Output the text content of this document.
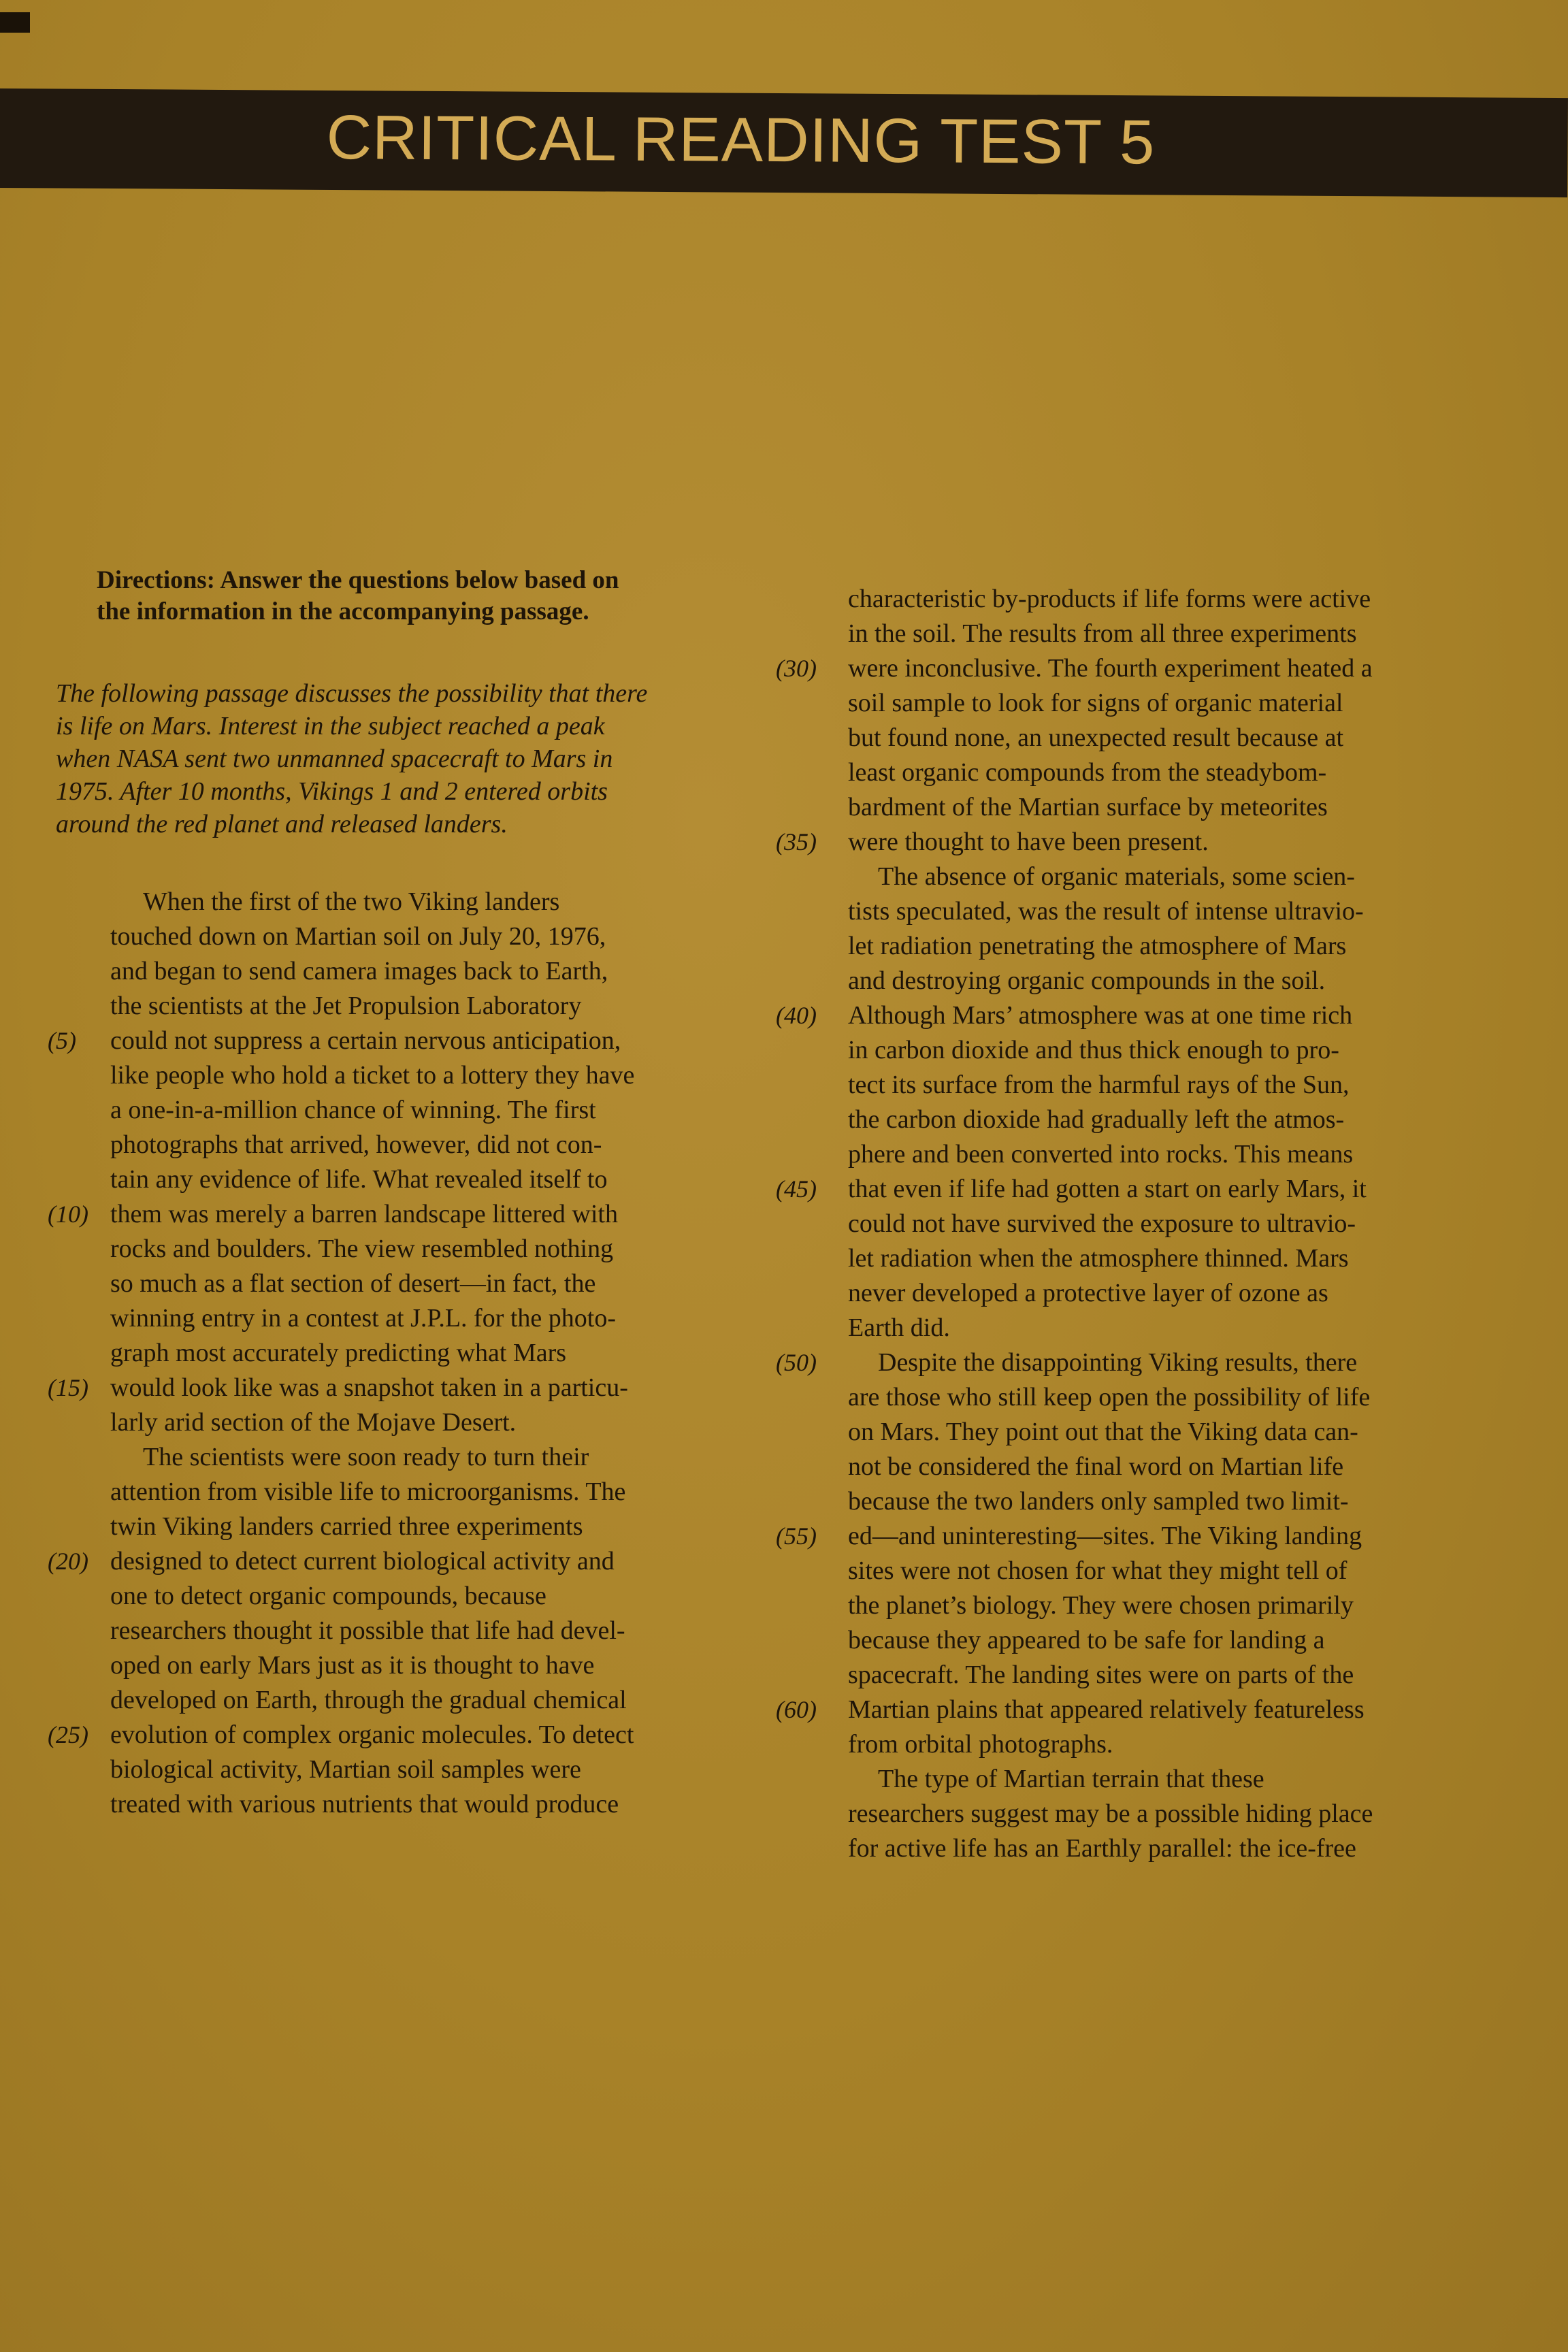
CRITICAL READING TEST 5
Directions: Answer the questions below based on
the information in the accompanying passage.
The following passage discusses the possibility that there
is life on Mars. Interest in the subject reached a peak
when NASA sent two unmanned spacecraft to Mars in
1975. After 10 months, Vikings 1 and 2 entered orbits
around the red planet and released landers.
When the first of the two Viking landers
touched down on Martian soil on July 20, 1976,
and began to send camera images back to Earth,
the scientists at the Jet Propulsion Laboratory
(5) could not suppress a certain nervous anticipation,
like people who hold a ticket to a lottery they have
a one-in-a-million chance of winning. The first
photographs that arrived, however, did not con-
tain any evidence of life. What revealed itself to
(10) them was merely a barren landscape littered with
rocks and boulders. The view resembled nothing
so much as a flat section of desert—in fact, the
winning entry in a contest at J.P.L. for the photo-
graph most accurately predicting what Mars
(15) would look like was a snapshot taken in a particu-
larly arid section of the Mojave Desert.
The scientists were soon ready to turn their
attention from visible life to microorganisms. The
twin Viking landers carried three experiments
(20) designed to detect current biological activity and
one to detect organic compounds, because
researchers thought it possible that life had devel-
oped on early Mars just as it is thought to have
developed on Earth, through the gradual chemical
(25) evolution of complex organic molecules. To detect
biological activity, Martian soil samples were
treated with various nutrients that would produce
characteristic by-products if life forms were active
in the soil. The results from all three experiments
(30) were inconclusive. The fourth experiment heated a
soil sample to look for signs of organic material
but found none, an unexpected result because at
least organic compounds from the steadybom-
bardment of the Martian surface by meteorites
(35) were thought to have been present.
The absence of organic materials, some scien-
tists speculated, was the result of intense ultravio-
let radiation penetrating the atmosphere of Mars
and destroying organic compounds in the soil.
(40) Although Mars’ atmosphere was at one time rich
in carbon dioxide and thus thick enough to pro-
tect its surface from the harmful rays of the Sun,
the carbon dioxide had gradually left the atmos-
phere and been converted into rocks. This means
(45) that even if life had gotten a start on early Mars, it
could not have survived the exposure to ultravio-
let radiation when the atmosphere thinned. Mars
never developed a protective layer of ozone as
Earth did.
(50) Despite the disappointing Viking results, there
are those who still keep open the possibility of life
on Mars. They point out that the Viking data can-
not be considered the final word on Martian life
because the two landers only sampled two limit-
(55) ed—and uninteresting—sites. The Viking landing
sites were not chosen for what they might tell of
the planet’s biology. They were chosen primarily
because they appeared to be safe for landing a
spacecraft. The landing sites were on parts of the
(60) Martian plains that appeared relatively featureless
from orbital photographs.
The type of Martian terrain that these
researchers suggest may be a possible hiding place
for active life has an Earthly parallel: the ice-free
